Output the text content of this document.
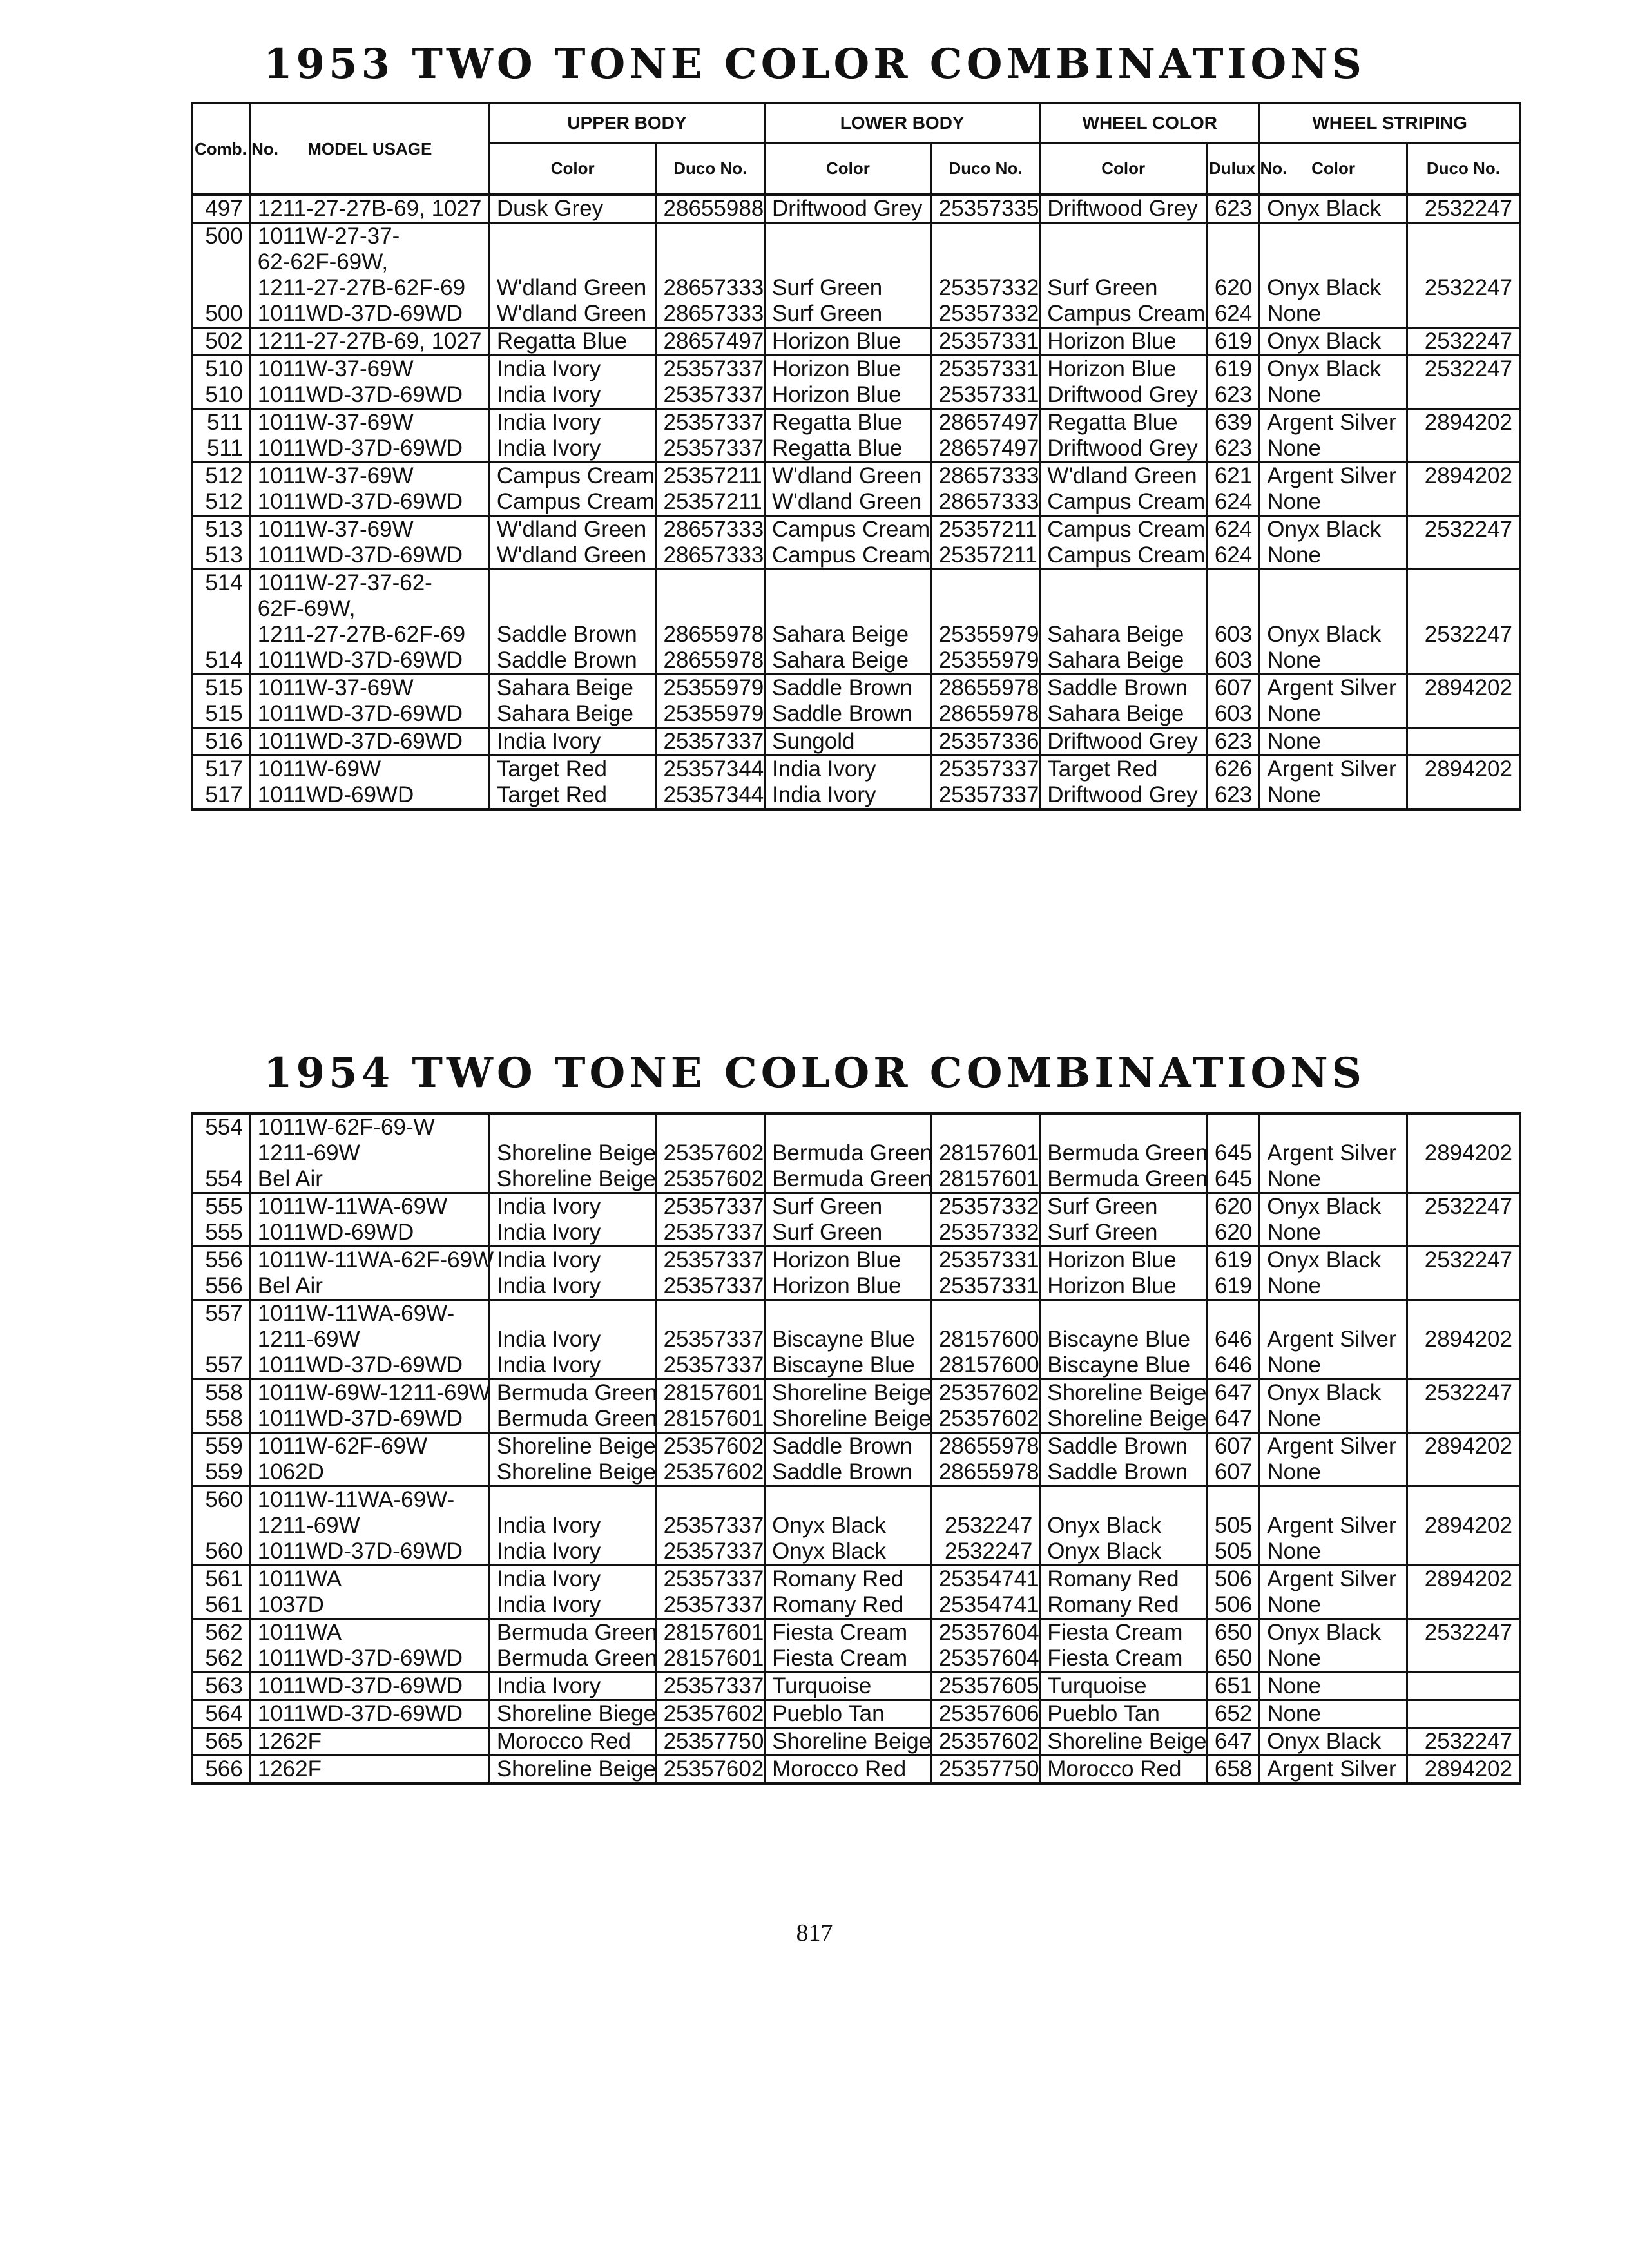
1953 TWO TONE COLOR COMBINATIONS
Comb. No.	MODEL USAGE	UPPER BODY		LOWER BODY		WHEEL COLOR		WHEEL STRIPING	
		Color	Duco No.	Color	Duco No.	Color	Dulux No.	Color	Duco No.

497	1211-27-27B-69, 1027	Dusk Grey	28655988	Driftwood Grey	25357335	Driftwood Grey	623	Onyx Black	2532247

500	1011W-27-37-
62-62F-69W,
1211-27-27B-62F-69	W'dland Green	28657333	Surf Green	25357332	Surf Green	620	Onyx Black	2532247

500	1011WD-37D-69WD	W'dland Green	28657333	Surf Green	25357332	Campus Cream	624	None	

502	1211-27-27B-69, 1027	Regatta Blue	28657497	Horizon Blue	25357331	Horizon Blue	619	Onyx Black	2532247

510	1011W-37-69W	India Ivory	25357337	Horizon Blue	25357331	Horizon Blue	619	Onyx Black	2532247

510	1011WD-37D-69WD	India Ivory	25357337	Horizon Blue	25357331	Driftwood Grey	623	None	

511	1011W-37-69W	India Ivory	25357337	Regatta Blue	28657497	Regatta Blue	639	Argent Silver	2894202

511	1011WD-37D-69WD	India Ivory	25357337	Regatta Blue	28657497	Driftwood Grey	623	None	

512	1011W-37-69W	Campus Cream	25357211	W'dland Green	28657333	W'dland Green	621	Argent Silver	2894202

512	1011WD-37D-69WD	Campus Cream	25357211	W'dland Green	28657333	Campus Cream	624	None	

513	1011W-37-69W	W'dland Green	28657333	Campus Cream	25357211	Campus Cream	624	Onyx Black	2532247

513	1011WD-37D-69WD	W'dland Green	28657333	Campus Cream	25357211	Campus Cream	624	None	

514	1011W-27-37-62-
62F-69W,
1211-27-27B-62F-69	Saddle Brown	28655978	Sahara Beige	25355979	Sahara Beige	603	Onyx Black	2532247

514	1011WD-37D-69WD	Saddle Brown	28655978	Sahara Beige	25355979	Sahara Beige	603	None	

515	1011W-37-69W	Sahara Beige	25355979	Saddle Brown	28655978	Saddle Brown	607	Argent Silver	2894202

515	1011WD-37D-69WD	Sahara Beige	25355979	Saddle Brown	28655978	Sahara Beige	603	None	

516	1011WD-37D-69WD	India Ivory	25357337	Sungold	25357336	Driftwood Grey	623	None	

517	1011W-69W	Target Red	25357344	India Ivory	25357337	Target Red	626	Argent Silver	2894202

517	1011WD-69WD	Target Red	25357344	India Ivory	25357337	Driftwood Grey	623	None	

1954 TWO TONE COLOR COMBINATIONS
554	1011W-62F-69-W
1211-69W	Shoreline Beige	25357602	Bermuda Green	28157601	Bermuda Green	645	Argent Silver	2894202

554	Bel Air	Shoreline Beige	25357602	Bermuda Green	28157601	Bermuda Green	645	None	

555	1011W-11WA-69W	India Ivory	25357337	Surf Green	25357332	Surf Green	620	Onyx Black	2532247

555	1011WD-69WD	India Ivory	25357337	Surf Green	25357332	Surf Green	620	None	

556	1011W-11WA-62F-69W	India Ivory	25357337	Horizon Blue	25357331	Horizon Blue	619	Onyx Black	2532247

556	Bel Air	India Ivory	25357337	Horizon Blue	25357331	Horizon Blue	619	None	

557	1011W-11WA-69W-
1211-69W	India Ivory	25357337	Biscayne Blue	28157600	Biscayne Blue	646	Argent Silver	2894202

557	1011WD-37D-69WD	India Ivory	25357337	Biscayne Blue	28157600	Biscayne Blue	646	None	

558	1011W-69W-1211-69W	Bermuda Green	28157601	Shoreline Beige	25357602	Shoreline Beige	647	Onyx Black	2532247

558	1011WD-37D-69WD	Bermuda Green	28157601	Shoreline Beige	25357602	Shoreline Beige	647	None	

559	1011W-62F-69W	Shoreline Beige	25357602	Saddle Brown	28655978	Saddle Brown	607	Argent Silver	2894202

559	1062D	Shoreline Beige	25357602	Saddle Brown	28655978	Saddle Brown	607	None	

560	1011W-11WA-69W-
1211-69W	India Ivory	25357337	Onyx Black	2532247	Onyx Black	505	Argent Silver	2894202

560	1011WD-37D-69WD	India Ivory	25357337	Onyx Black	2532247	Onyx Black	505	None	

561	1011WA	India Ivory	25357337	Romany Red	25354741	Romany Red	506	Argent Silver	2894202

561	1037D	India Ivory	25357337	Romany Red	25354741	Romany Red	506	None	

562	1011WA	Bermuda Green	28157601	Fiesta Cream	25357604	Fiesta Cream	650	Onyx Black	2532247

562	1011WD-37D-69WD	Bermuda Green	28157601	Fiesta Cream	25357604	Fiesta Cream	650	None	

563	1011WD-37D-69WD	India Ivory	25357337	Turquoise	25357605	Turquoise	651	None	

564	1011WD-37D-69WD	Shoreline Biege	25357602	Pueblo Tan	25357606	Pueblo Tan	652	None	

565	1262F	Morocco Red	25357750	Shoreline Beige	25357602	Shoreline Beige	647	Onyx Black	2532247

566	1262F	Shoreline Beige	25357602	Morocco Red	25357750	Morocco Red	658	Argent Silver	2894202
817
